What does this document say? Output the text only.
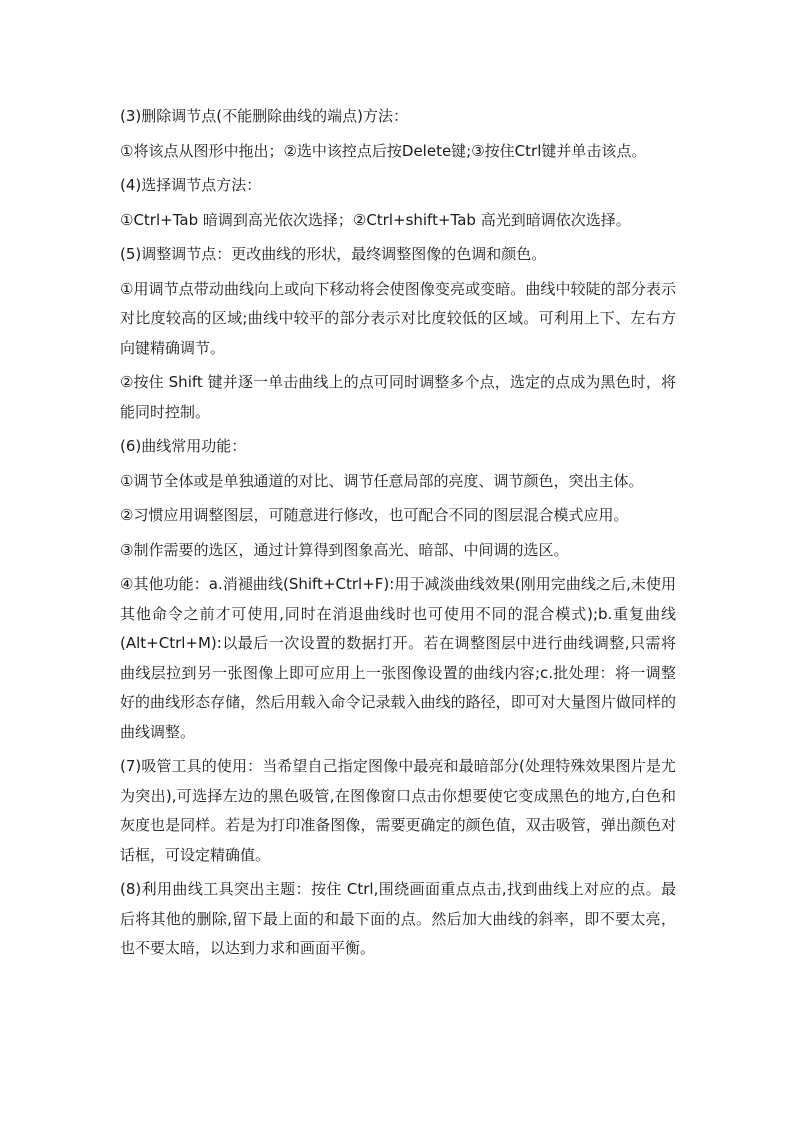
(3)删除调节点(不能删除曲线的端点)方法：

①将该点从图形中拖出；②选中该控点后按Delete键;③按住Ctrl键并单击该点。

(4)选择调节点方法：

①Ctrl+Tab 暗调到高光依次选择；②Ctrl+shift+Tab 高光到暗调依次选择。

(5)调整调节点：更改曲线的形状，最终调整图像的色调和颜色。

①用调节点带动曲线向上或向下移动将会使图像变亮或变暗。曲线中较陡的部分表示对比度较高的区域;曲线中较平的部分表示对比度较低的区域。可利用上下、左右方向键精确调节。

②按住 Shift 键并逐一单击曲线上的点可同时调整多个点，选定的点成为黑色时，将能同时控制。

(6)曲线常用功能：

①调节全体或是单独通道的对比、调节任意局部的亮度、调节颜色，突出主体。

②习惯应用调整图层，可随意进行修改，也可配合不同的图层混合模式应用。

③制作需要的选区，通过计算得到图象高光、暗部、中间调的选区。

④其他功能：a.消褪曲线(Shift+Ctrl+F):用于减淡曲线效果(刚用完曲线之后,未使用其他命令之前才可使用,同时在消退曲线时也可使用不同的混合模式);b.重复曲线(Alt+Ctrl+M):以最后一次设置的数据打开。若在调整图层中进行曲线调整,只需将曲线层拉到另一张图像上即可应用上一张图像设置的曲线内容;c.批处理：将一调整好的曲线形态存储，然后用载入命令记录载入曲线的路径，即可对大量图片做同样的曲线调整。

(7)吸管工具的使用：当希望自己指定图像中最亮和最暗部分(处理特殊效果图片是尤为突出),可选择左边的黑色吸管,在图像窗口点击你想要使它变成黑色的地方,白色和灰度也是同样。若是为打印准备图像，需要更确定的颜色值，双击吸管，弹出颜色对话框，可设定精确值。

(8)利用曲线工具突出主题：按住 Ctrl,围绕画面重点点击,找到曲线上对应的点。最后将其他的删除,留下最上面的和最下面的点。然后加大曲线的斜率，即不要太亮，也不要太暗，以达到力求和画面平衡。
